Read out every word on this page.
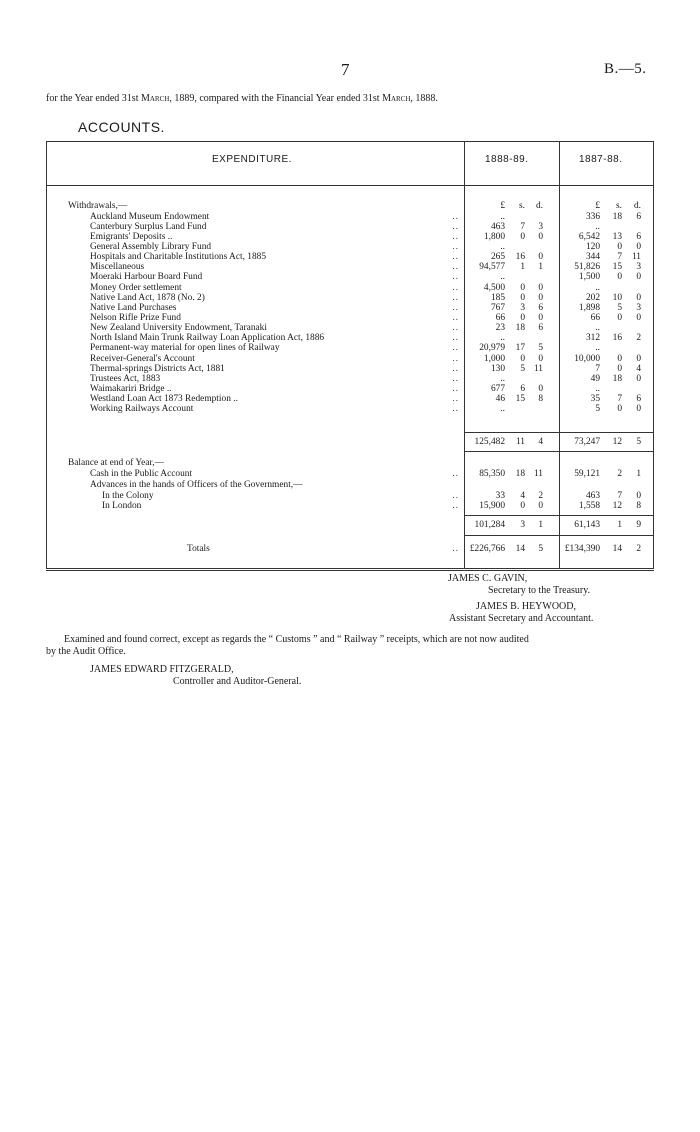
7	B.—5.
for the Year ended 31st March, 1889, compared with the Financial Year ended 31st March, 1888.
ACCOUNTS.
EXPENDITURE.	1888-89.	1887-88.
Withdrawals,—	£ s. d.	£ s. d.
Auckland Museum Endowment	..	..	336 18 6
Canterbury Surplus Land Fund	..	463 7 3	..
Emigrants' Deposits ..	..	1,800 0 0	6,542 13 6
General Assembly Library Fund	..	..	120 0 0
Hospitals and Charitable Institutions Act, 1885	..	265 16 0	344 7 11
Miscellaneous	.. 94,577 1 1	51,826 15 3
Moeraki Harbour Board Fund	..	..	1,500 0 0
Money Order settlement	..	4,500 0 0	..
Native Land Act, 1878 (No. 2)	..	185 0 0	202 10 0
Native Land Purchases	..	767 3 6	1,898 5 3
Nelson Rifle Prize Fund	..	66 0 0	66 0 0
New Zealand University Endowment, Taranaki	..	23 18 6	..
North Island Main Trunk Railway Loan Application Act, 1886	..	..	312 16 2
Permanent-way material for open lines of Railway	.. 20,979 17 5	..
Receiver-General's Account	..	1,000 0 0	10,000 0 0
Thermal-springs Districts Act, 1881	..	130 5 11	7 0 4
Trustees Act, 1883	..	..	49 18 0
Waimakariri Bridge ..	..	677 6 0	..
Westland Loan Act 1873 Redemption ..	..	46 15 8	35 7 6
Working Railways Account	..	..	5 0 0
125,482 11 4	73,247 12 5
Balance at end of Year,—
Cash in the Public Account	.. 85,350 18 11	59,121 2 1
Advances in the hands of Officers of the Government,—
In the Colony	..	33 4 2	463 7 0
In London	.. 15,900 0 0	1,558 12 8
101,284 3 1	61,143 1 9
Totals	.. £226,766 14 5 £134,390 14 2
JAMES C. GAVIN,
Secretary to the Treasury.
JAMES B. HEYWOOD,
Assistant Secretary and Accountant.
Examined and found correct, except as regards the “ Customs ” and “ Railway ” receipts, which are not now audited
by the Audit Office.
JAMES EDWARD FITZGERALD,
Controller and Auditor-General.
